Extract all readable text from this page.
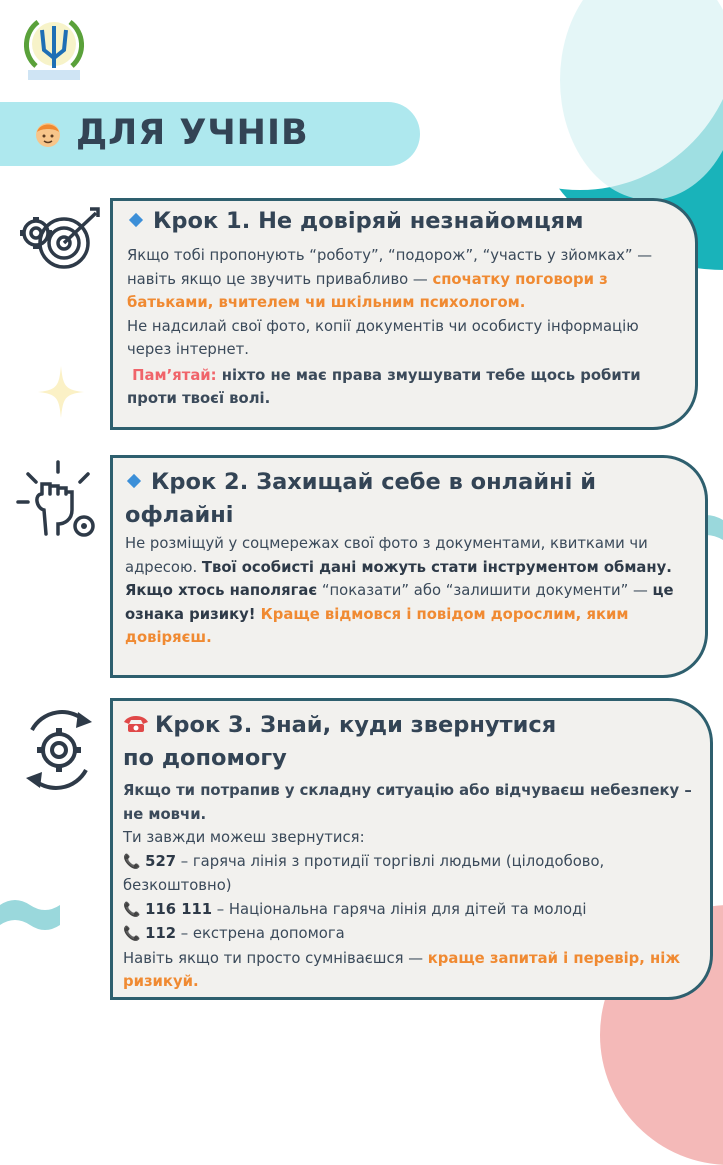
ДЛЯ УЧНІВ
Крок 1. Не довіряй незнайомцям

Якщо тобі пропонують “роботу”, “подорож”, “участь у зйомках” — навіть якщо це звучить привабливо — спочатку поговори з батьками, вчителем чи шкільним психологом.

Не надсилай свої фото, копії документів чи особисту інформацію через інтернет.

Пам’ятай: ніхто не має права змушувати тебе щось робити проти твоєї волі.

Крок 2. Захищай себе в онлайні й офлайні

Не розміщуй у соцмережах свої фото з документами, квитками чи адресою. Твої особисті дані можуть стати інструментом обману.

Якщо хтось наполягає “показати” або “залишити документи” — це ознака ризику! Краще відмовся і повідом дорослим, яким довіряєш.

Крок 3. Знай, куди звернутися по допомогу

Якщо ти потрапив у складну ситуацію або відчуваєш небезпеку – не мовчи.

Ти завжди можеш звернутися:

📞 527 – гаряча лінія з протидії торгівлі людьми (цілодобово, безкоштовно)

📞 116 111 – Національна гаряча лінія для дітей та молоді

📞 112 – екстрена допомога

Навіть якщо ти просто сумніваєшся — краще запитай і перевір, ніж ризикуй.
